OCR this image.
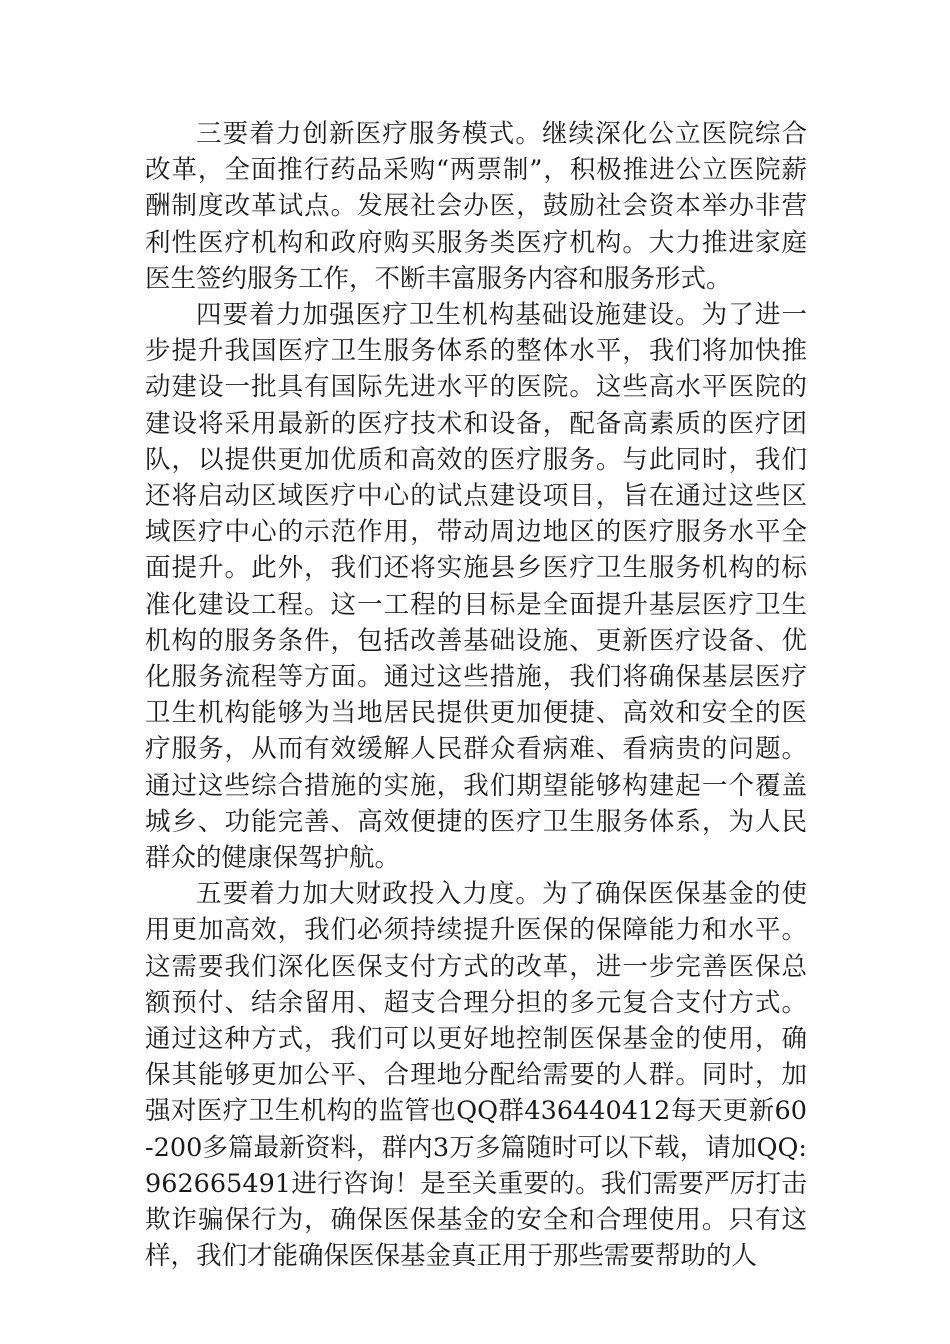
三要着力创新医疗服务模式。继续深化公立医院综合改革，全面推行药品采购“两票制”，积极推进公立医院薪酬制度改革试点。发展社会办医，鼓励社会资本举办非营利性医疗机构和政府购买服务类医疗机构。大力推进家庭医生签约服务工作，不断丰富服务内容和服务形式。

四要着力加强医疗卫生机构基础设施建设。为了进一步提升我国医疗卫生服务体系的整体水平，我们将加快推动建设一批具有国际先进水平的医院。这些高水平医院的建设将采用最新的医疗技术和设备，配备高素质的医疗团队，以提供更加优质和高效的医疗服务。与此同时，我们还将启动区域医疗中心的试点建设项目，旨在通过这些区域医疗中心的示范作用，带动周边地区的医疗服务水平全面提升。此外，我们还将实施县乡医疗卫生服务机构的标准化建设工程。这一工程的目标是全面提升基层医疗卫生机构的服务条件，包括改善基础设施、更新医疗设备、优化服务流程等方面。通过这些措施，我们将确保基层医疗卫生机构能够为当地居民提供更加便捷、高效和安全的医疗服务，从而有效缓解人民群众看病难、看病贵的问题。通过这些综合措施的实施，我们期望能够构建起一个覆盖城乡、功能完善、高效便捷的医疗卫生服务体系，为人民群众的健康保驾护航。

五要着力加大财政投入力度。为了确保医保基金的使用更加高效，我们必须持续提升医保的保障能力和水平。这需要我们深化医保支付方式的改革，进一步完善医保总额预付、结余留用、超支合理分担的多元复合支付方式。通过这种方式，我们可以更好地控制医保基金的使用，确保其能够更加公平、合理地分配给需要的人群。同时，加强对医疗卫生机构的监管也QQ群436440412每天更新60-200多篇最新资料，群内3万多篇随时可以下载，请加QQ:962665491进行咨询！是至关重要的。我们需要严厉打击欺诈骗保行为，确保医保基金的安全和合理使用。只有这样，我们才能确保医保基金真正用于那些需要帮助的人
